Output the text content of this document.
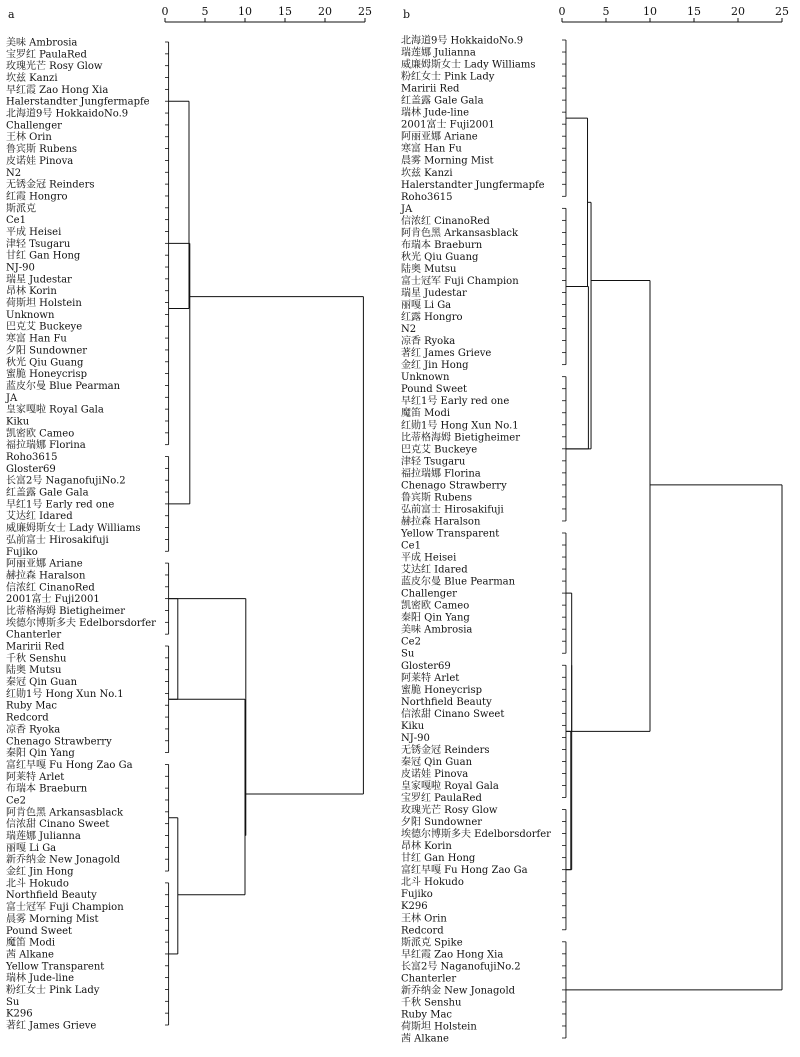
a	0	5	10 15 20 25
美味 Ambrosia
宝罗红 PaulaRed
玫瑰光芒 Rosy Glow
坎兹 Kanzi
早红霞 Zao Hong Xia
Halerstandter Jungfermapfe
北海道9号 HokkaidoNo.9
Challenger
王林 Orin
鲁宾斯 Rubens
皮诺娃 Pinova
N2
无锈金冠 Reinders
红霞 Hongro
斯派克
Ce1
平成 Heisei
津轻 Tsugaru
甘红 Gan Hong
NJ-90
瑞星 Judestar
昂林 Korin
荷斯坦 Holstein
Unknown
巴克艾 Buckeye
寒富 Han Fu
夕阳 Sundowner
秋光 Qiu Guang
蜜脆 Honeycrisp
蓝皮尔曼 Blue Pearman
JA
皇家嘎啦 Royal Gala
Kiku
凯密欧 Cameo
福拉瑞娜 Florina
Roho3615
Gloster69
长富2号 NaganofujiNo.2
红盖露 Gale Gala
早红1号 Early red one
艾达红 Idared
威廉姆斯女士 Lady Williams
弘前富士 Hirosakifuji
Fujiko
阿丽亚娜 Ariane
赫拉森 Haralson
信浓红 CinanoRed
2001富士 Fuji2001
比蒂格海姆 Bietigheimer
埃德尔博斯多夫 Edelborsdorfer
Chanterler
Maririi Red
千秋 Senshu
陆奥 Mutsu
秦冠 Qin Guan
红勋1号 Hong Xun No.1
Ruby Mac
Redcord
凉香 Ryoka
Chenago Strawberry
秦阳 Qin Yang
富红早嘎 Fu Hong Zao Ga
阿莱特 Arlet
布瑞本 Braeburn
Ce2
阿肯色黑 Arkansasblack
信浓甜 Cinano Sweet
瑞莲娜 Julianna
丽嘎 Li Ga
新乔纳金 New Jonagold
金红 Jin Hong
北斗 Hokudo
Northfield Beauty
富士冠军 Fuji Champion
晨雾 Morning Mist
Pound Sweet
魔笛 Modi
茜 Alkane
Yellow Transparent
瑞林 Jude-line
粉红女士 Pink Lady
Su
K296
著红 James Grieve
b	0	5	10	15	20	25
北海道9号 HokkaidoNo.9
瑞莲娜 Julianna
威廉姆斯女士 Lady Williams
粉红女士 Pink Lady
Maririi Red
红盖露 Gale Gala
瑞林 Jude-line
2001富士 Fuji2001
阿丽亚娜 Ariane
寒富 Han Fu
晨雾 Morning Mist
坎兹 Kanzi
Halerstandter Jungfermapfe
Roho3615
JA
信浓红 CinanoRed
阿肯色黑 Arkansasblack
布瑞本 Braeburn
秋光 Qiu Guang
陆奥 Mutsu
富士冠军 Fuji Champion
瑞星 Judestar
丽嘎 Li Ga
红露 Hongro
N2
凉香 Ryoka
著红 James Grieve
金红 Jin Hong
Unknown
Pound Sweet
早红1号 Early red one
魔笛 Modi
红勋1号 Hong Xun No.1
比蒂格海姆 Bietigheimer
巴克艾 Buckeye
津轻 Tsugaru
福拉瑞娜 Florina
Chenago Strawberry
鲁宾斯 Rubens
弘前富士 Hirosakifuji
赫拉森 Haralson
Yellow Transparent
Ce1
平成 Heisei
艾达红 Idared
蓝皮尔曼 Blue Pearman
Challenger
凯密欧 Cameo
秦阳 Qin Yang
美味 Ambrosia
Ce2
Su
Gloster69
阿莱特 Arlet
蜜脆 Honeycrisp
Northfield Beauty
信浓甜 Cinano Sweet
Kiku
NJ-90
无锈金冠 Reinders
秦冠 Qin Guan
皮诺娃 Pinova
皇家嘎啦 Royal Gala
宝罗红 PaulaRed
玫瑰光芒 Rosy Glow
夕阳 Sundowner
埃德尔博斯多夫 Edelborsdorfer
昂林 Korin
甘红 Gan Hong
富红早嘎 Fu Hong Zao Ga
北斗 Hokudo
Fujiko
K296
王林 Orin
Redcord
斯派克 Spike
早红霞 Zao Hong Xia
长富2号 NaganofujiNo.2
Chanterler
新乔纳金 New Jonagold
千秋 Senshu
Ruby Mac
荷斯坦 Holstein
茜 Alkane
